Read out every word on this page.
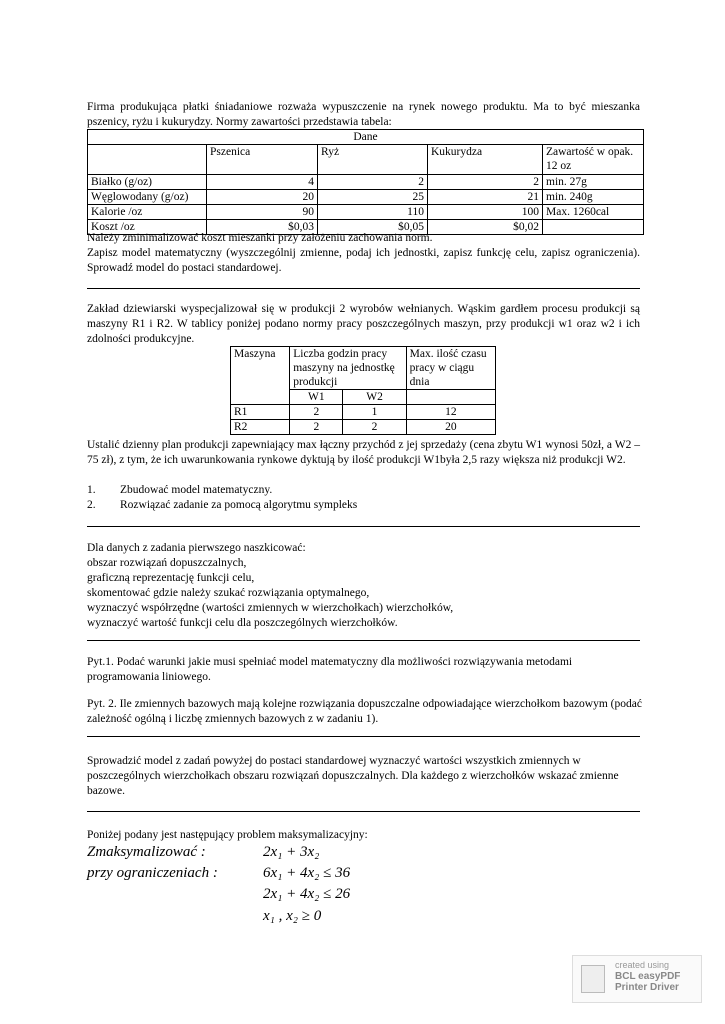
Firma produkująca płatki śniadaniowe rozważa wypuszczenie na rynek nowego produktu. Ma to być mieszanka pszenicy, ryżu i kukurydzy. Normy zawartości przedstawia tabela:

Dane				
	Pszenica	Ryż	Kukurydza	Zawartość w opak. 12 oz
Białko (g/oz)	4	2	2	min. 27g
Węglowodany (g/oz)	20	25	21	min. 240g
Kalorie /oz	90	110	100	Max. 1260cal
Koszt /oz	$0,03	$0,05	$0,02	

Należy zminimalizować koszt mieszanki przy założeniu zachowania norm.

Zapisz model matematyczny (wyszczególnij zmienne, podaj ich jednostki, zapisz funkcję celu, zapisz ograniczenia). Sprowadź model do postaci standardowej.

Zakład dziewiarski wyspecjalizował się w produkcji 2 wyrobów wełnianych. Wąskim gardłem procesu produkcji są maszyny R1 i R2. W tablicy poniżej podano normy pracy poszczególnych maszyn, przy produkcji w1 oraz w2 i ich zdolności produkcyjne.

Maszyna	Liczba godzin pracy maszyny na jednostkę produkcji		Max. ilość czasu pracy w ciągu dnia
	W1	W2	
R1	2	1	12
R2	2	2	20

Ustalić dzienny plan produkcji zapewniający max łączny przychód z jej sprzedaży (cena zbytu W1 wynosi 50zł, a W2 – 75 zł), z tym, że ich uwarunkowania rynkowe dyktują by ilość produkcji W1była 2,5 razy większa niż produkcji W2.

1. Zbudować model matematyczny.

2. Rozwiązać zadanie za pomocą algorytmu sympleks

Dla danych z zadania pierwszego naszkicować:

obszar rozwiązań dopuszczalnych,

graficzną reprezentację funkcji celu,

skomentować gdzie należy szukać rozwiązania optymalnego,

wyznaczyć współrzędne (wartości zmiennych w wierzchołkach) wierzchołków,

wyznaczyć wartość funkcji celu dla poszczególnych wierzchołków.

Pyt.1. Podać warunki jakie musi spełniać model matematyczny dla możliwości rozwiązywania metodami programowania liniowego.

Pyt. 2. Ile zmiennych bazowych mają kolejne rozwiązania dopuszczalne odpowiadające wierzchołkom bazowym (podać zależność ogólną i liczbę zmiennych bazowych z w zadaniu 1).

Sprowadzić model z zadań powyżej do postaci standardowej wyznaczyć wartości wszystkich zmiennych w poszczególnych wierzchołkach obszaru rozwiązań dopuszczalnych. Dla każdego z wierzchołków wskazać zmienne bazowe.

Poniżej podany jest następujący problem maksymalizacyjny:

Zmaksymalizować :
przy ograniczeniach :
2x₁ + 3x₂
6x₁ + 4x₂ ≤ 36
2x₁ + 4x₂ ≤ 26
x₁ , x₂ ≥ 0
created using
BCL easyPDF
Printer Driver
